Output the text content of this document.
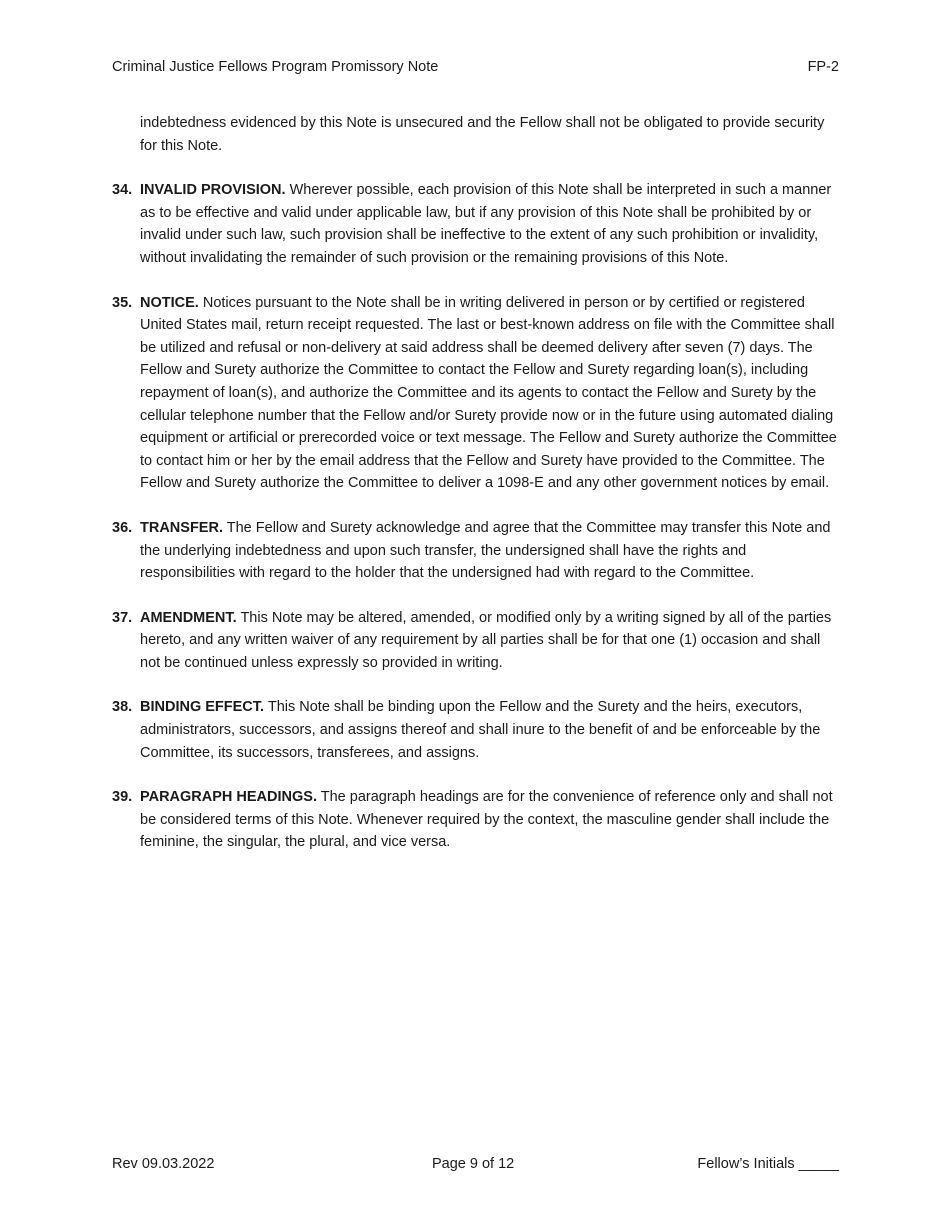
Criminal Justice Fellows Program Promissory Note	FP-2

indebtedness evidenced by this Note is unsecured and the Fellow shall not be obligated to provide security for this Note.

34. INVALID PROVISION. Wherever possible, each provision of this Note shall be interpreted in such a manner as to be effective and valid under applicable law, but if any provision of this Note shall be prohibited by or invalid under such law, such provision shall be ineffective to the extent of any such prohibition or invalidity, without invalidating the remainder of such provision or the remaining provisions of this Note.

35. NOTICE. Notices pursuant to the Note shall be in writing delivered in person or by certified or registered United States mail, return receipt requested. The last or best-known address on file with the Committee shall be utilized and refusal or non-delivery at said address shall be deemed delivery after seven (7) days. The Fellow and Surety authorize the Committee to contact the Fellow and Surety regarding loan(s), including repayment of loan(s), and authorize the Committee and its agents to contact the Fellow and Surety by the cellular telephone number that the Fellow and/or Surety provide now or in the future using automated dialing equipment or artificial or prerecorded voice or text message. The Fellow and Surety authorize the Committee to contact him or her by the email address that the Fellow and Surety have provided to the Committee. The Fellow and Surety authorize the Committee to deliver a 1098-E and any other government notices by email.

36. TRANSFER. The Fellow and Surety acknowledge and agree that the Committee may transfer this Note and the underlying indebtedness and upon such transfer, the undersigned shall have the rights and responsibilities with regard to the holder that the undersigned had with regard to the Committee.

37. AMENDMENT. This Note may be altered, amended, or modified only by a writing signed by all of the parties hereto, and any written waiver of any requirement by all parties shall be for that one (1) occasion and shall not be continued unless expressly so provided in writing.

38. BINDING EFFECT. This Note shall be binding upon the Fellow and the Surety and the heirs, executors, administrators, successors, and assigns thereof and shall inure to the benefit of and be enforceable by the Committee, its successors, transferees, and assigns.

39. PARAGRAPH HEADINGS. The paragraph headings are for the convenience of reference only and shall not be considered terms of this Note. Whenever required by the context, the masculine gender shall include the feminine, the singular, the plural, and vice versa.

Rev 09.03.2022	Page 9 of 12	Fellow’s Initials _____
